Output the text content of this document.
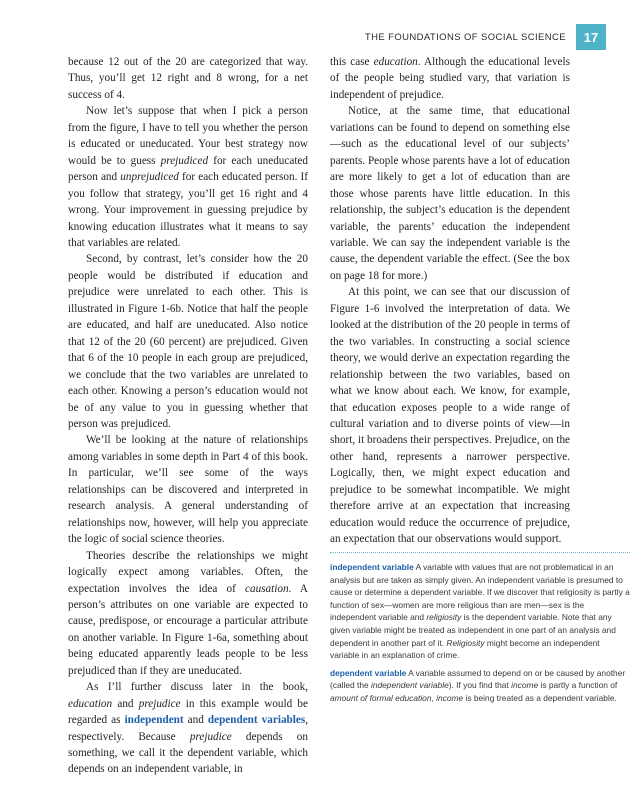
THE FOUNDATIONS OF SOCIAL SCIENCE	17

because 12 out of the 20 are categorized that way. Thus, you’ll get 12 right and 8 wrong, for a net success of 4.

Now let’s suppose that when I pick a person from the figure, I have to tell you whether the person is educated or uneducated. Your best strategy now would be to guess prejudiced for each uneducated person and unprejudiced for each educated person. If you follow that strategy, you’ll get 16 right and 4 wrong. Your improvement in guessing prejudice by knowing education illustrates what it means to say that variables are related.

Second, by contrast, let’s consider how the 20 people would be distributed if education and prejudice were unrelated to each other. This is illustrated in Figure 1-6b. Notice that half the people are educated, and half are uneducated. Also notice that 12 of the 20 (60 percent) are prejudiced. Given that 6 of the 10 people in each group are prejudiced, we conclude that the two variables are unrelated to each other. Knowing a person’s education would not be of any value to you in guessing whether that person was prejudiced.

We’ll be looking at the nature of relationships among variables in some depth in Part 4 of this book. In particular, we’ll see some of the ways relationships can be discovered and interpreted in research analysis. A general understanding of relationships now, however, will help you appreciate the logic of social science theories.

Theories describe the relationships we might logically expect among variables. Often, the expectation involves the idea of causation. A person’s attributes on one variable are expected to cause, predispose, or encourage a particular attribute on another variable. In Figure 1-6a, something about being educated apparently leads people to be less prejudiced than if they are uneducated.

As I’ll further discuss later in the book, education and prejudice in this example would be regarded as independent and dependent variables, respectively. Because prejudice depends on something, we call it the dependent variable, which depends on an independent variable, in

this case education. Although the educational levels of the people being studied vary, that variation is independent of prejudice.

Notice, at the same time, that educational variations can be found to depend on something else—such as the educational level of our subjects’ parents. People whose parents have a lot of education are more likely to get a lot of education than are those whose parents have little education. In this relationship, the subject’s education is the dependent variable, the parents’ education the independent variable. We can say the independent variable is the cause, the dependent variable the effect. (See the box on page 18 for more.)

At this point, we can see that our discussion of Figure 1-6 involved the interpretation of data. We looked at the distribution of the 20 people in terms of the two variables. In constructing a social science theory, we would derive an expectation regarding the relationship between the two variables, based on what we know about each. We know, for example, that education exposes people to a wide range of cultural variation and to diverse points of view—in short, it broadens their perspectives. Prejudice, on the other hand, represents a narrower perspective. Logically, then, we might expect education and prejudice to be somewhat incompatible. We might therefore arrive at an expectation that increasing education would reduce the occurrence of prejudice, an expectation that our observations would support.

independent variable A variable with values that are not problematical in an analysis but are taken as simply given. An independent variable is presumed to cause or determine a dependent variable. If we discover that religiosity is partly a function of sex—women are more religious than are men—sex is the independent variable and religiosity is the dependent variable. Note that any given variable might be treated as independent in one part of an analysis and dependent in another part of it. Religiosity might become an independent variable in an explanation of crime.

dependent variable A variable assumed to depend on or be caused by another (called the independent variable). If you find that income is partly a function of amount of formal education, income is being treated as a dependent variable.
